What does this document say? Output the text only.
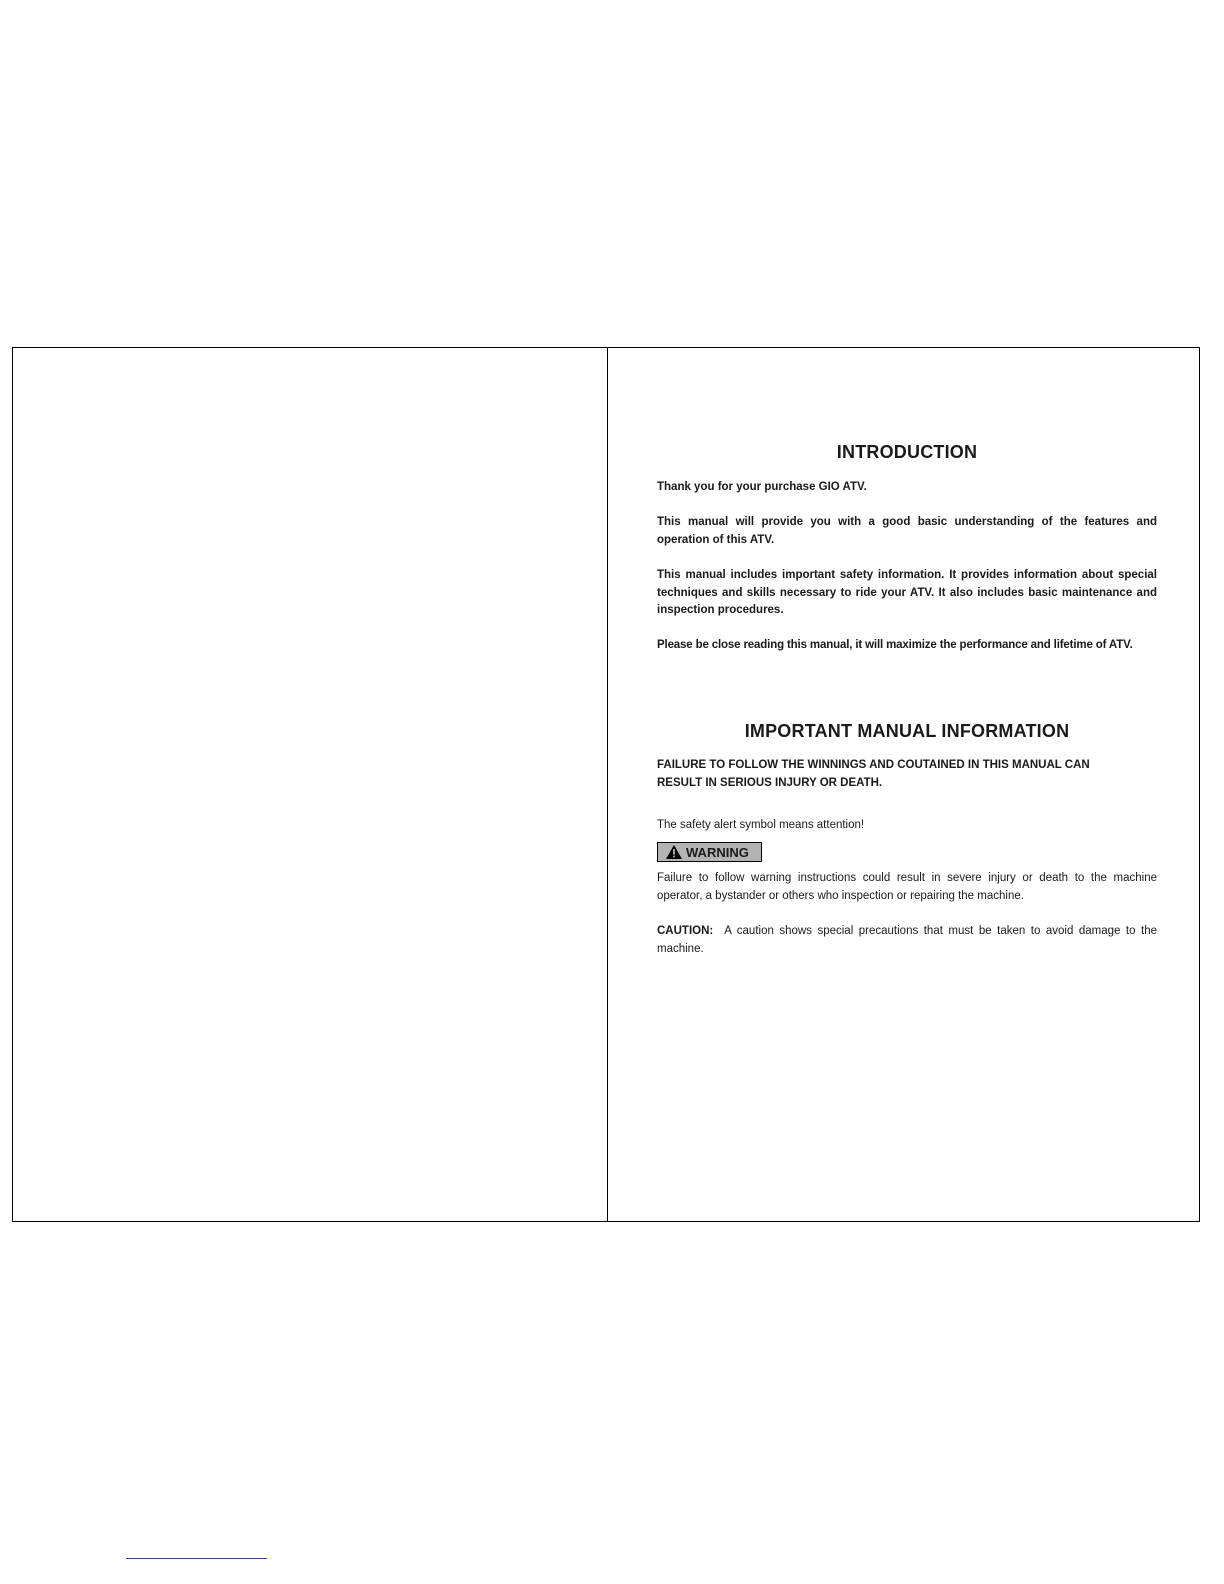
INTRODUCTION

Thank you for your purchase GIO ATV.

This manual will provide you with a good basic understanding of the features and operation of this ATV.

This manual includes important safety information. It provides information about special techniques and skills necessary to ride your ATV. It also includes basic maintenance and inspection procedures.

Please be close reading this manual, it will maximize the performance and lifetime of ATV.

IMPORTANT MANUAL INFORMATION

FAILURE TO FOLLOW THE WINNINGS AND COUTAINED IN THIS MANUAL CAN

RESULT IN SERIOUS INJURY OR DEATH.

The safety alert symbol means attention!

WARNING

Failure to follow warning instructions could result in severe injury or death to the machine operator, a bystander or others who inspection or repairing the machine.

CAUTION: A caution shows special precautions that must be taken to avoid damage to the machine.
